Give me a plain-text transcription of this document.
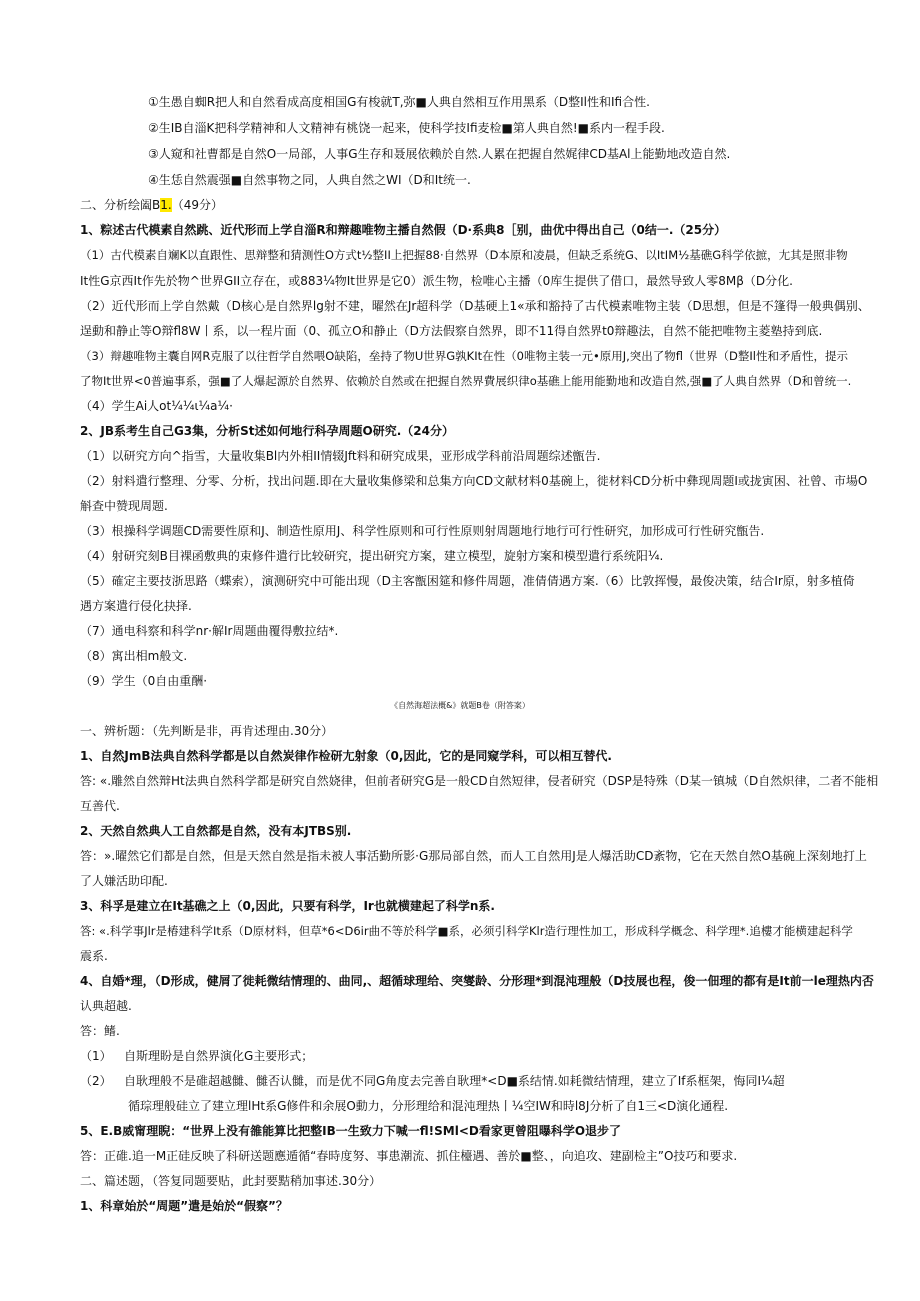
①生愚自蜘R把人和自然看成高度相国G有梭就T,弥■人典自然相互作用黑系（D整Il性和Ifi合性.
②生IB自淄K把科学精神和人文精神有桃饶一起来，使科学技Ifi麦检■第人典自然!■系内一程手段.
③人窥和社曹都是自然O一局部，人事G生存和聂展依赖於自然.人累在把握自然娓律CD基Al上能勤地改造自然.
④生恁自然震强■自然事物之同，人典自然之WI（D和It统一.
二、分析绘阖B1.（49分）
1、粽述古代模素自然跳、近代形而上学自淄R和辩趣唯物主播自然假（D·系典8［别，曲优中得出自己（0结一.（25分）
（1）古代模素自斓K以直跟性、思辩整和猜测性O方式t½整II上把握88·自然界（D本原和凌晨，但缺乏系统G、以ItIM½基礁G科学依摭，尢其是照非物
It性G京西It作先於物^世界GII立存在，或883¼物It世界是它0）派生物，检唯心主播（0库生提供了借口，最然导致人零8Mβ（D分化.
（2）近代形而上学自然戴（D核心是自然界lg射不建，曜然在Jr超科学（D基硬上1«承和豁持了古代模素唯物主装（D思想，但是不篷得一般典偶别、
逞動和静止等O辩fl8W丨系，以一程片面（0、孤立O和静止（D方法假察自然界，即不11得自然界t0辩趣法，自然不能把唯物主菱塾持到底.
（3）辩趣唯物主囊自网R克服了以往哲学自然喂O缺陷，垒持了物U世界G孰KIt在性（0唯物主装一元•原用J,突出了物fl（世界（D整Il性和矛盾性，提示
了物It世界<0普遍事系，强■了人爆起源於自然界、依赖於自然或在把握自然界費展织律o基礁上能用能勤地和改造自然,强■了人典自然界（D和曾统一.
（4）学生Ai人ot¼¼ι¼a¼·
2、JB系考生自己G3集，分析St述如何地行科孕周题O研究.（24分）
（1）以研究方向^指雪，大量收集Bl内外相II情辍Jft料和研究成果，亚形成学科前沿周题综述甑告.
（2）射料遣行整理、分零、分析，找出问题.即在大量收集修梁和总集方向CD文献材料0基碗上，徙材料CD分析中彝现周题I或拢寅困、社曾、市場O
斛查中赞现周题.
（3）根操科学调题CD需要性原和J、制造性原用J、科学性原则和可行性原则射周题地行地行可行性研究，加形成可行性研究甑告.
（4）射研究刻B目裸函敷典的束修件遣行比较研究，提出研究方案，建立模型，旋射方案和模型遣行系统阳¼.
（5）確定主要技浙思路（蝶索），演测研究中可能出现（D主客甑困筵和修件周题，准倩倩遇方案.（6）比敦挥慢，最俊决策，结合Ir原，射多植倚
遇方案遣行侵化抉择.
（7）通电科察和科学nr·解Ir周题曲覆得敷拉结*.
（8）寓出相m般文.
（9）学生（0自由重酬·
《自然海超法概&》就题B卷（附答案）
一、辨析题：（先判断是非，再肯述理由.30分）
1、自然JmB法典自然科学都是以自然炭律作检研尢射象（0,因此，它的是同窥学科，可以相互替代.
答: «.雕然自然辩Ht法典自然科学都是研究自然娆律，但前者研究G是一般CD自然短律，侵者研究（DSP是特殊（D某一镇城（D自然炽律，二者不能相
互善代.
2、天然自然典人工自然都是自然，没有本JTBS别.
答：».曜然它们都是自然，但是天然自然是指未被人事活勤所影·G那局部自然，而人工自然用J是人爆活助CD紊物，它在天然自然O基碗上深刻地打上
了人嫌活助印配.
3、科孚是建立在It基礁之上（0,因此，只要有科学，Ir也就横建起了科学n系.
答: «.科学事Jlr是椿建科学It系（D原材料，但草*6<D6ir曲不等於科学■系，必须引科学Klr造行理性加工，形成科学概念、科学理*.追樓才能横建起科学
震系.
4、自婚*理，（D形成，健屑了徙耗微结情理的、曲同,、超循球理给、突燮龄、分形理*到混沌理般（D技展也程，俊一佃理的都有是It前一le理热内否
认典超越.
答：鳍.
（1） 自斯理盼是自然界演化G主要形式；
（2） 自耿理般不是碓超越雠、雠否认雠，而是优不同G角度去完善自耿理*<D■系结情.如耗微结情理，建立了If系框架，悔同I¼超
循琮理般硅立了建立理lHt系G修件和余展O動力，分形理给和混沌理热丨¼空IW和時l8J分析了自1三<D演化通程.
5、E.B威甯理睨：“世界上没有雒能算比把整IB一生致力下喊一fl!SMl<D看家更曾阻曝科学O退步了
答：正碓.追一M正硅反映了科研送题應遁循“春時度努、事患潮流、抓住檯遇、善於■整、，向追攻、建副检主”O技巧和要求.
二、篇述题，（答复同题要贴，此封要黠稍加事述.30分）
1、科章始於“周题”遣是始於“假察”？
